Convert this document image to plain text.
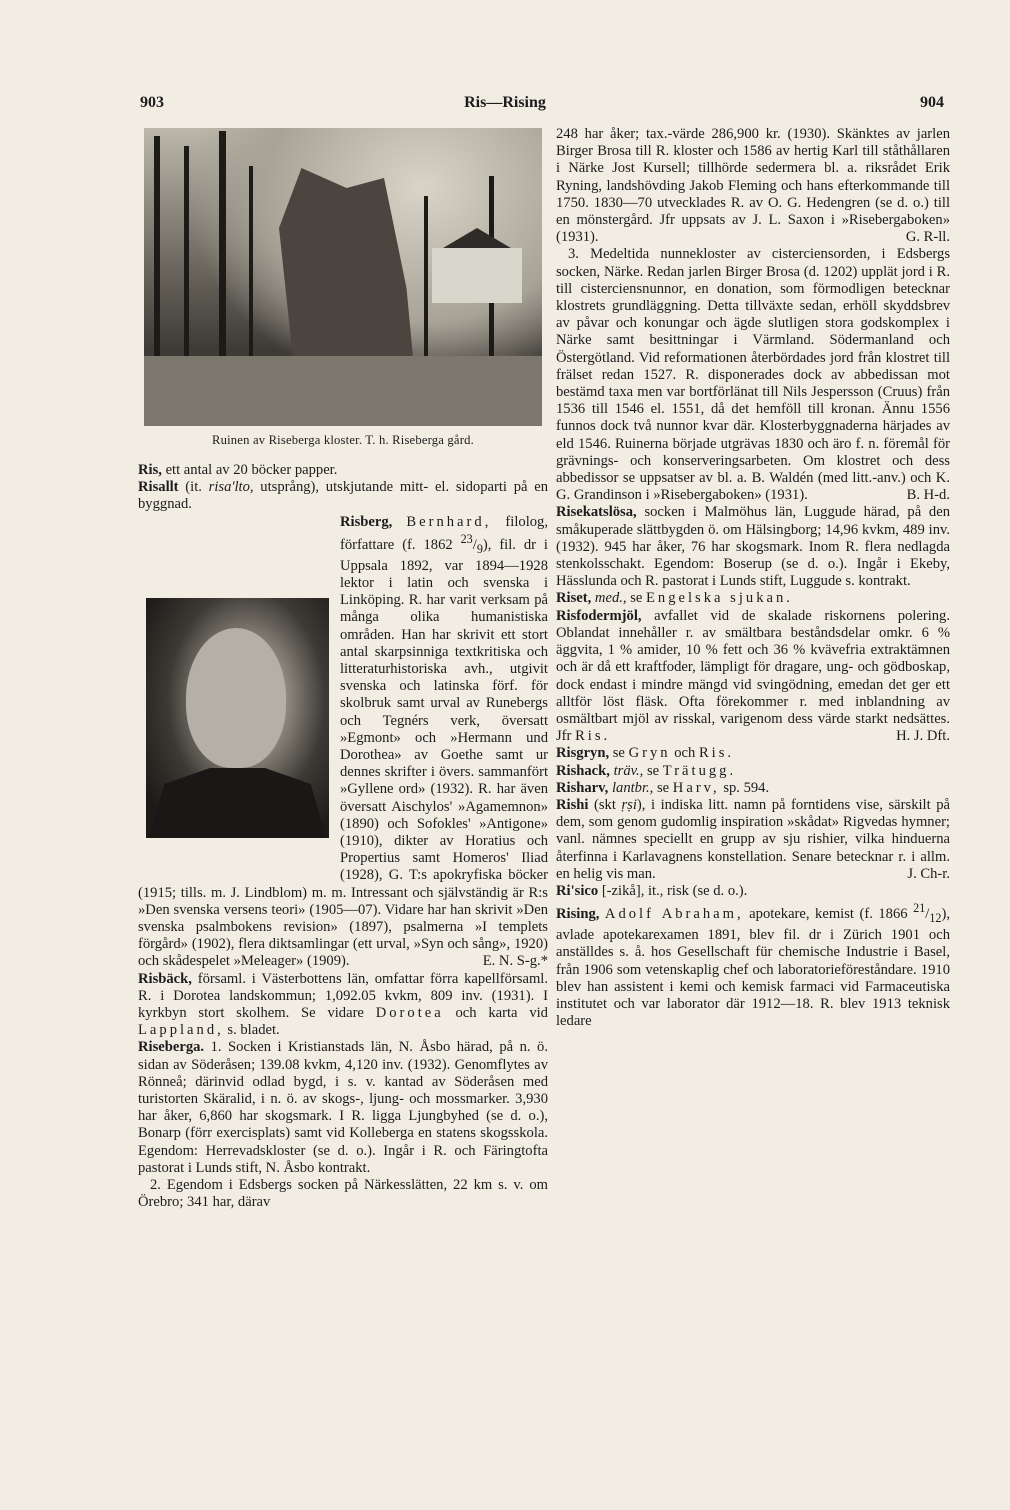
903	Ris—Rising	904
Ruinen av Riseberga kloster. T. h. Riseberga gård.

Ris, ett antal av 20 böcker papper.

Risallt (it. risa'lto, utsprång), utskjutande mitt- el. sidoparti på en byggnad.

Risberg, Bernhard, filolog, författare (f. 1862 $^{23}/_9$), fil. dr i Uppsala 1892, var 1894—1928 lektor i latin och svenska i Linköping. R. har varit verksam på många olika humanistiska områden. Han har skrivit ett stort antal skarpsinniga textkritiska och litteraturhistoriska avh., utgivit svenska och latinska förf. för skolbruk samt urval av Runebergs och Tegnérs verk, översatt »Egmont» och »Hermann und Dorothea» av Goethe samt ur dennes skrifter i övers. sammanfört »Gyllene ord» (1932). R. har även översatt Aischylos' »Agamemnon» (1890) och Sofokles' »Antigone» (1910), dikter av Horatius och Propertius samt Homeros' Iliad (1928), G. T:s apokryfiska böcker (1915; tills. m. J. Lindblom) m. m. Intressant och självständig är R:s »Den svenska versens teori» (1905—07). Vidare har han skrivit »Den svenska psalmbokens revision» (1897), psalmerna »I templets förgård» (1902), flera diktsamlingar (ett urval, »Syn och sång», 1920) och skådespelet »Meleager» (1909).	E. N. S-g.*

Risbäck, församl. i Västerbottens län, omfattar förra kapellförsaml. R. i Dorotea landskommun; 1,092.05 kvkm, 809 inv. (1931). I kyrkbyn stort skolhem. Se vidare Dorotea och karta vid Lappland, s. bladet.

Riseberga. 1. Socken i Kristianstads län, N. Åsbo härad, på n. ö. sidan av Söderåsen; 139.08 kvkm, 4,120 inv. (1932). Genomflytes av Rönneå; därinvid odlad bygd, i s. v. kantad av Söderåsen med turistorten Skäralid, i n. ö. av skogs-, ljung- och mossmarker. 3,930 har åker, 6,860 har skogsmark. I R. ligga Ljungbyhed (se d. o.), Bonarp (förr exercisplats) samt vid Kolleberga en statens skogsskola. Egendom: Herrevadskloster (se d. o.). Ingår i R. och Färingtofta pastorat i Lunds stift, N. Åsbo kontrakt.

2. Egendom i Edsbergs socken på Närkesslätten, 22 km s. v. om Örebro; 341 har, därav

248 har åker; tax.-värde 286,900 kr. (1930). Skänktes av jarlen Birger Brosa till R. kloster och 1586 av hertig Karl till ståthållaren i Närke Jost Kursell; tillhörde sedermera bl. a. riksrådet Erik Ryning, landshövding Jakob Fleming och hans efterkommande till 1750. 1830—70 utvecklades R. av O. G. Hedengren (se d. o.) till en mönstergård. Jfr uppsats av J. L. Saxon i »Risebergaboken» (1931).	G. R-ll.

3. Medeltida nunnekloster av cisterciensorden, i Edsbergs socken, Närke. Redan jarlen Birger Brosa (d. 1202) upplät jord i R. till cisterciensnunnor, en donation, som förmodligen betecknar klostrets grundläggning. Detta tillväxte sedan, erhöll skyddsbrev av påvar och konungar och ägde slutligen stora godskomplex i Närke samt besittningar i Värmland. Södermanland och Östergötland. Vid reformationen återbördades jord från klostret till frälset redan 1527. R. disponerades dock av abbedissan mot bestämd taxa men var bortförlänat till Nils Jespersson (Cruus) från 1536 till 1546 el. 1551, då det hemföll till kronan. Ännu 1556 funnos dock två nunnor kvar där. Klosterbyggnaderna härjades av eld 1546. Ruinerna började utgrävas 1830 och äro f. n. föremål för grävnings- och konserveringsarbeten. Om klostret och dess abbedissor se uppsatser av bl. a. B. Waldén (med litt.-anv.) och K. G. Grandinson i »Risebergaboken» (1931).	B. H-d.

Risekatslösa, socken i Malmöhus län, Luggude härad, på den småkuperade slättbygden ö. om Hälsingborg; 14,96 kvkm, 489 inv. (1932). 945 har åker, 76 har skogsmark. Inom R. flera nedlagda stenkolsschakt. Egendom: Boserup (se d. o.). Ingår i Ekeby, Hässlunda och R. pastorat i Lunds stift, Luggude s. kontrakt.

Riset, med., se Engelska sjukan.

Risfodermjöl, avfallet vid de skalade riskornens polering. Oblandat innehåller r. av smältbara beståndsdelar omkr. 6 % äggvita, 1 % amider, 10 % fett och 36 % kvävefria extraktämnen och är då ett kraftfoder, lämpligt för dragare, ung- och gödboskap, dock endast i mindre mängd vid svingödning, emedan det ger ett alltför löst fläsk. Ofta förekommer r. med inblandning av osmältbart mjöl av risskal, varigenom dess värde starkt nedsättes. Jfr Ris.	H. J. Dft.

Risgryn, se Gryn och Ris.

Rishack, träv., se Trätugg.

Risharv, lantbr., se Harv, sp. 594.

Rishi (skt ṛṣi), i indiska litt. namn på forntidens vise, särskilt på dem, som genom gudomlig inspiration »skådat» Rigvedas hymner; vanl. nämnes speciellt en grupp av sju rishier, vilka hinduerna återfinna i Karlavagnens konstellation. Senare betecknar r. i allm. en helig vis man.	J. Ch-r.

Ri'sico [-zikå], it., risk (se d. o.).

Rising, Adolf Abraham, apotekare, kemist (f. 1866 $^{21}/_{12}$), avlade apotekarexamen 1891, blev fil. dr i Zürich 1901 och anställdes s. å. hos Gesellschaft für chemische Industrie i Basel, från 1906 som vetenskaplig chef och laboratorieföreståndare. 1910 blev han assistent i kemi och kemisk farmaci vid Farmaceutiska institutet och var laborator där 1912—18. R. blev 1913 teknisk ledare
